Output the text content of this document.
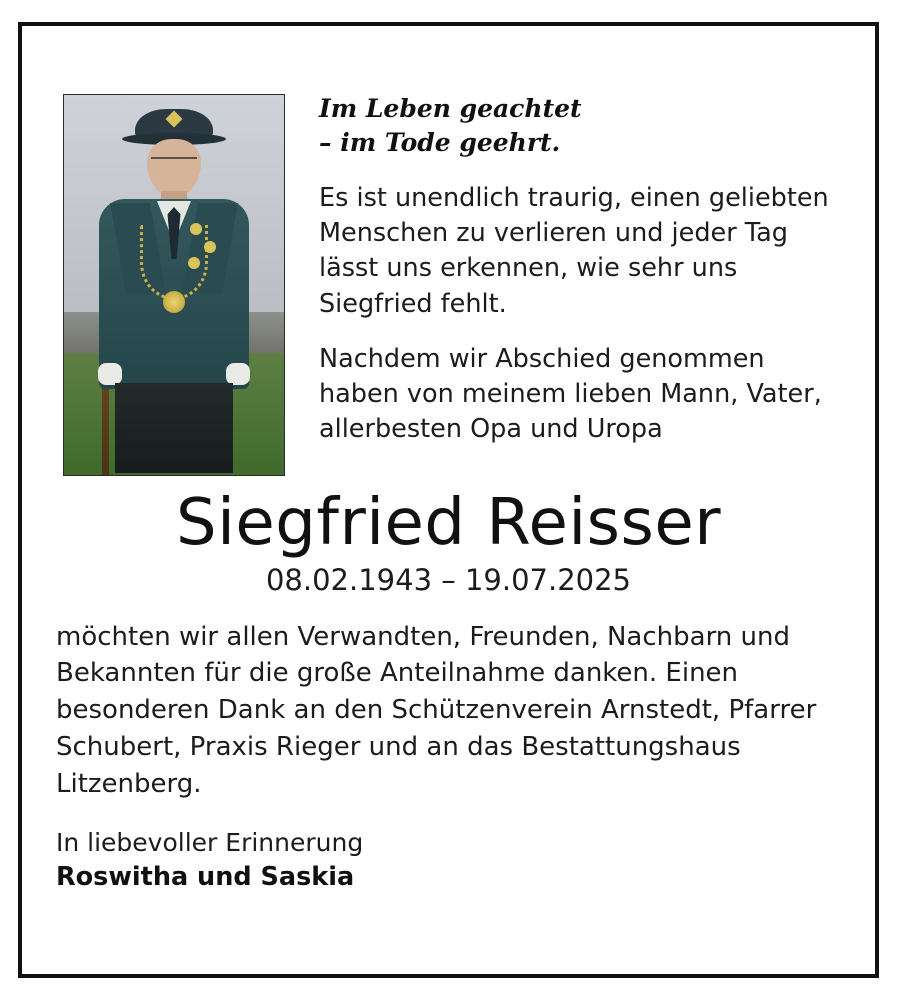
Im Leben geachtet
– im Tode geehrt.

Es ist unendlich traurig, einen geliebten Menschen zu verlieren und jeder Tag lässt uns erkennen, wie sehr uns Siegfried fehlt.

Nachdem wir Abschied genommen haben von meinem lieben Mann, Vater, allerbesten Opa und Uropa

Siegfried Reisser
08.02.1943 – 19.07.2025

möchten wir allen Verwandten, Freunden, Nachbarn und Bekannten für die große Anteilnahme danken. Einen besonderen Dank an den Schützenverein Arnstedt, Pfarrer Schubert, Praxis Rieger und an das Bestattungshaus Litzenberg.

In liebevoller Erinnerung

Roswitha und Saskia
